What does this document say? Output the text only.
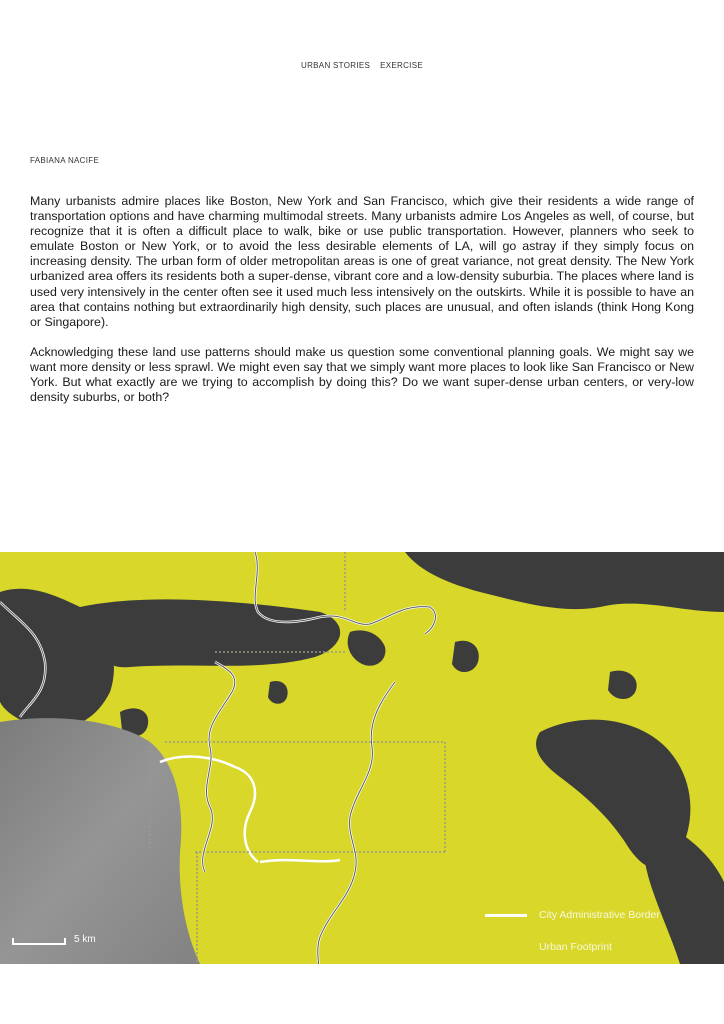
URBAN STORIES EXERCISE
FABIANA NACIFE

Many urbanists admire places like Boston, New York and San Francisco, which give their residents a wide range of transportation options and have charming multimodal streets. Many urbanists admire Los Angeles as well, of course, but recognize that it is often a difficult place to walk, bike or use public transportation. However, planners who seek to emulate Boston or New York, or to avoid the less desirable elements of LA, will go astray if they simply focus on increasing density. The urban form of older metropolitan areas is one of great variance, not great density. The New York urbanized area offers its residents both a super-dense, vibrant core and a low-density suburbia. The places where land is used very intensively in the center often see it used much less intensively on the outskirts. While it is possible to have an area that contains nothing but extraordinarily high density, such places are unusual, and often islands (think Hong Kong or Singapore).

Acknowledging these land use patterns should make us question some conventional planning goals. We might say we want more density or less sprawl. We might even say that we simply want more places to look like San Francisco or New York. But what exactly are we trying to accomplish by doing this? Do we want super-dense urban centers, or very-low density suburbs, or both?

5 km
City Administrative Border
Urban Footprint
